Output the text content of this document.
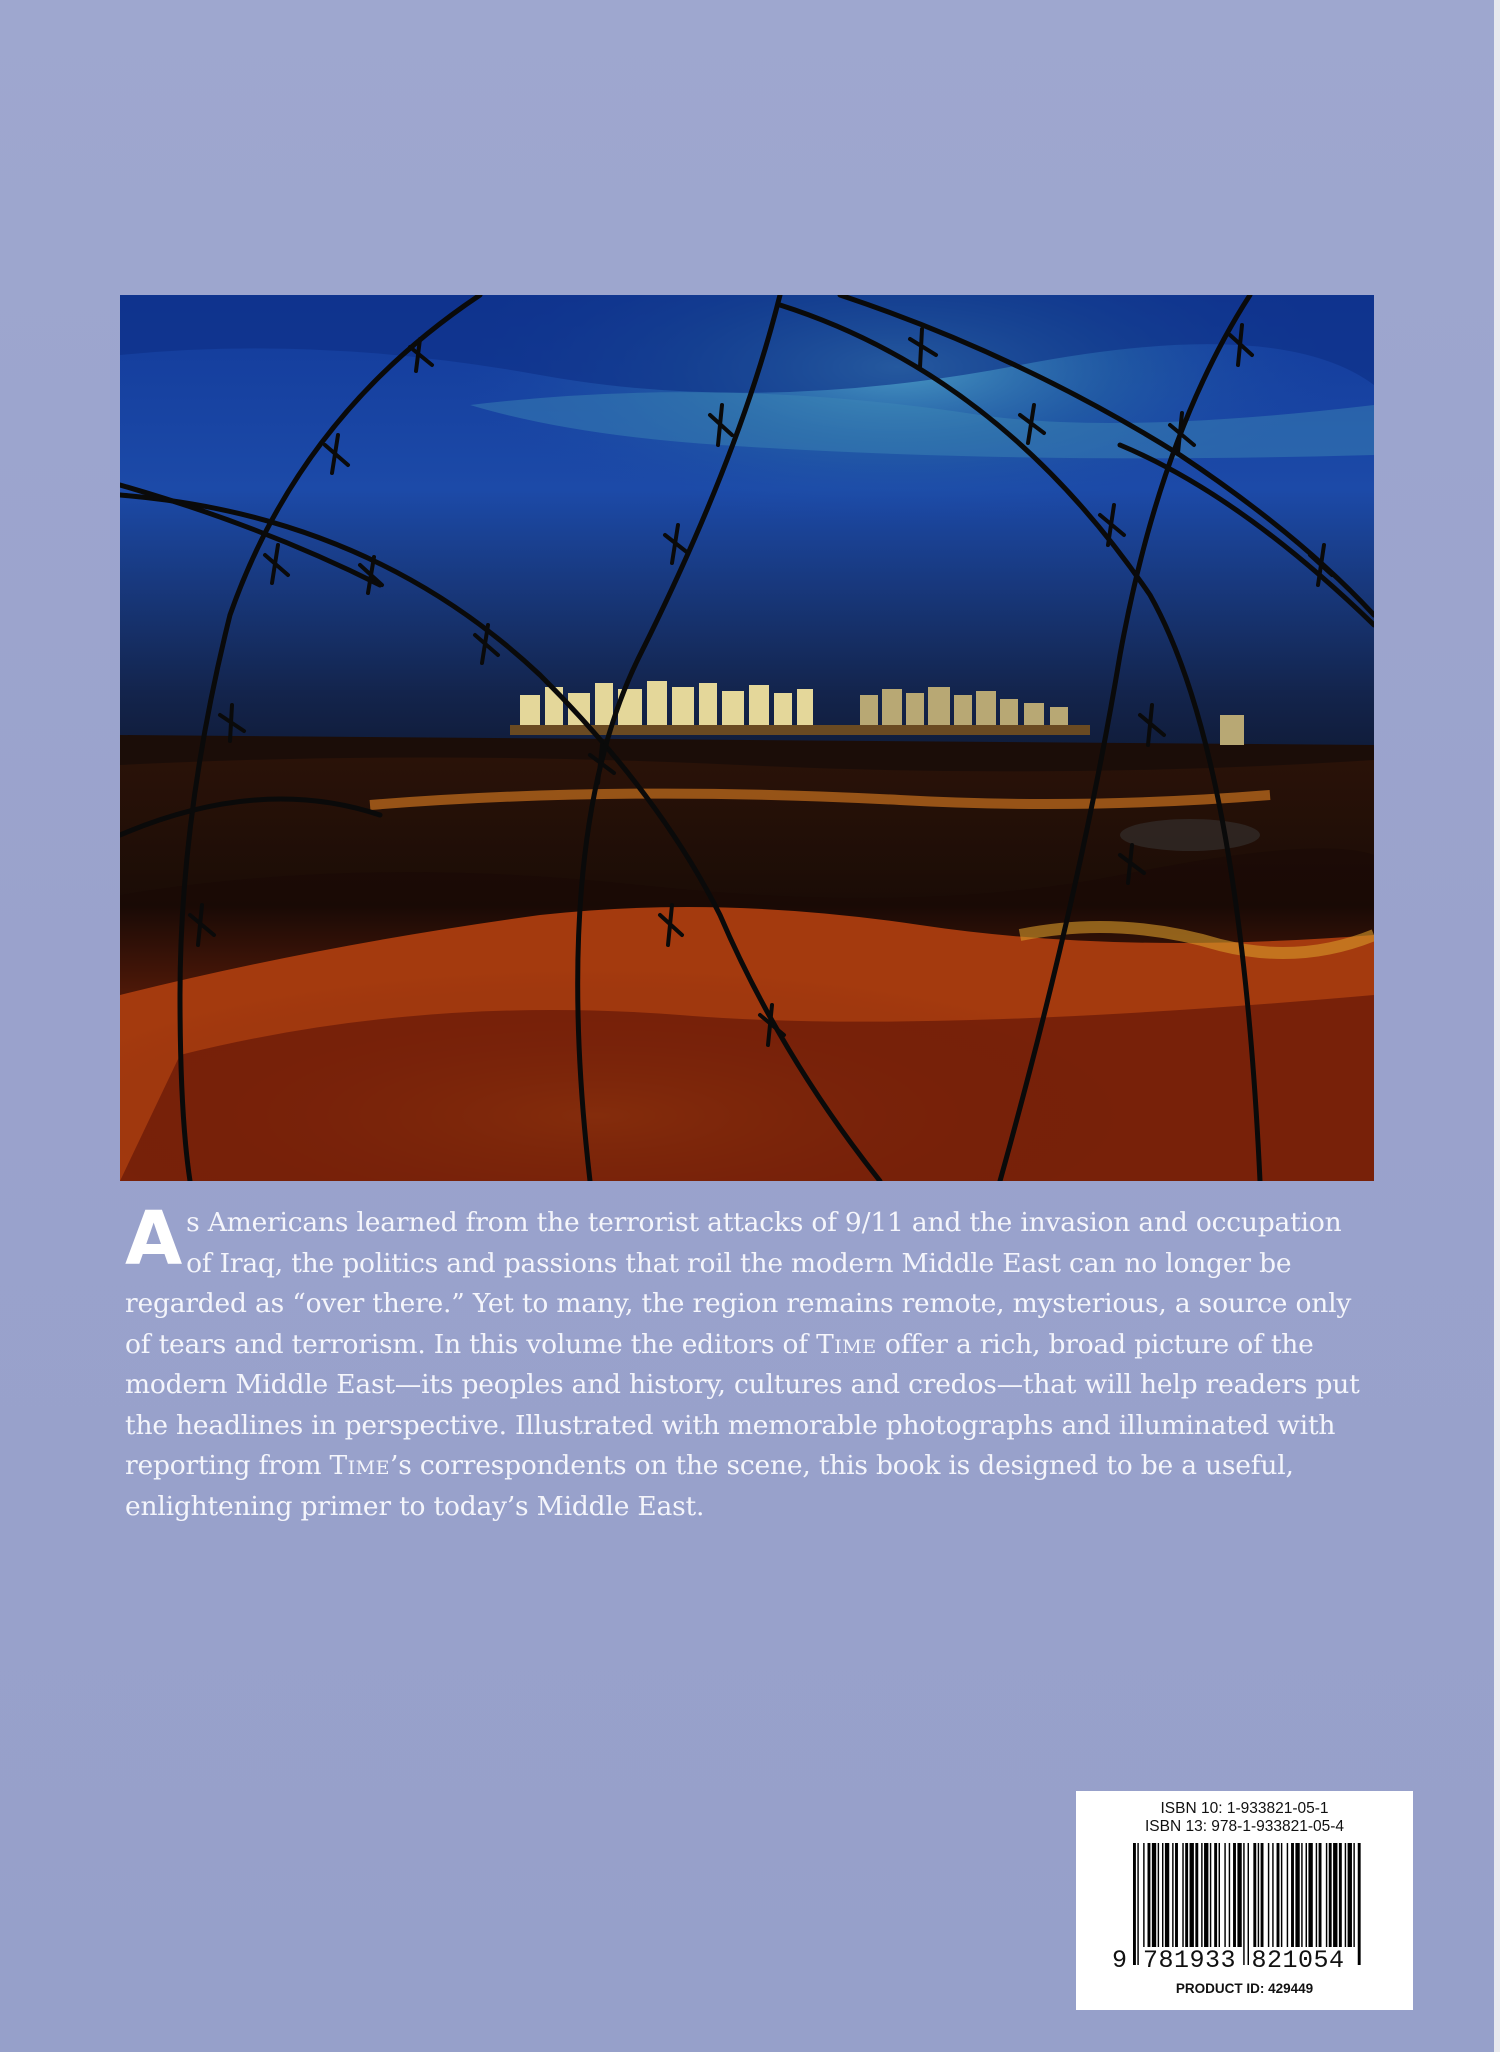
As Americans learned from the terrorist attacks of 9/11 and the invasion and occupation of Iraq, the politics and passions that roil the modern Middle East can no longer be regarded as “over there.” Yet to many, the region remains remote, mysterious, a source only of tears and terrorism. In this volume the editors of Time offer a rich, broad picture of the modern Middle East—its peoples and history, cultures and credos—that will help readers put the headlines in perspective. Illustrated with memorable photographs and illuminated with reporting from Time’s correspondents on the scene, this book is designed to be a useful, enlightening primer to today’s Middle East.
ISBN 10: 1-933821-05-1
ISBN 13: 978-1-933821-05-4
9 781933 821054
PRODUCT ID: 429449
